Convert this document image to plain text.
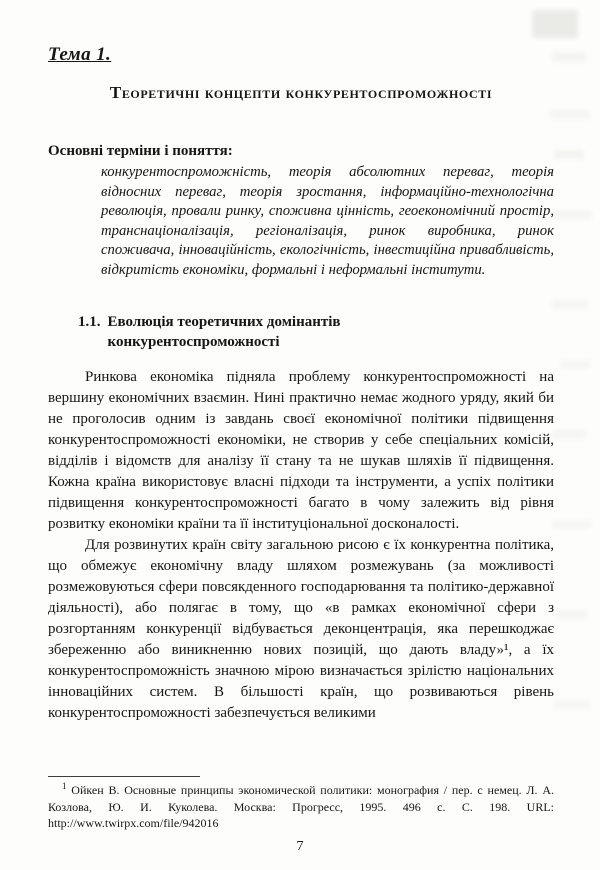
Тема 1.
Теоретичні концепти конкурентоспроможності
Основні терміни і поняття:
конкурентоспроможність, теорія абсолютних переваг, теорія відносних переваг, теорія зростання, інформаційно-технологічна революція, провали ринку, споживна цінність, геоекономічний простір, транснаціоналізація, регіоналізація, ринок виробника, ринок споживача, інноваційність, екологічність, інвестиційна привабливість, відкритість економіки, формальні і неформальні інститути.
1.1. Еволюція теоретичних домінантів конкурентоспроможності

Ринкова економіка підняла проблему конкурентоспроможності на вершину економічних взаємин. Нині практично немає жодного уряду, який би не проголосив одним із завдань своєї економічної політики підвищення конкурентоспроможності економіки, не створив у себе спеціальних комісій, відділів і відомств для аналізу її стану та не шукав шляхів її підвищення. Кожна країна використовує власні підходи та інструменти, а успіх політики підвищення конкурентоспроможності багато в чому залежить від рівня розвитку економіки країни та її інституціональної досконалості.

Для розвинутих країн світу загальною рисою є їх конкурентна політика, що обмежує економічну владу шляхом розмежувань (за можливості розмежовуються сфери повсякденного господарювання та політико-державної діяльності), або полягає в тому, що «в рамках економічної сфери з розгортанням конкуренції відбувається деконцентрація, яка перешкоджає збереженню або виникненню нових позицій, що дають владу»¹, а їх конкурентоспроможність значною мірою визначається зрілістю національних інноваційних систем. В більшості країн, що розвиваються рівень конкурентоспроможності забезпечується великими

$^1$ Ойкен В. Основные принципы экономической политики: монография / пер. с немец. Л. А. Козлова, Ю. И. Куколева. Москва: Прогресс, 1995. 496 с. С. 198. URL: http://www.twirpx.com/file/942016
7
